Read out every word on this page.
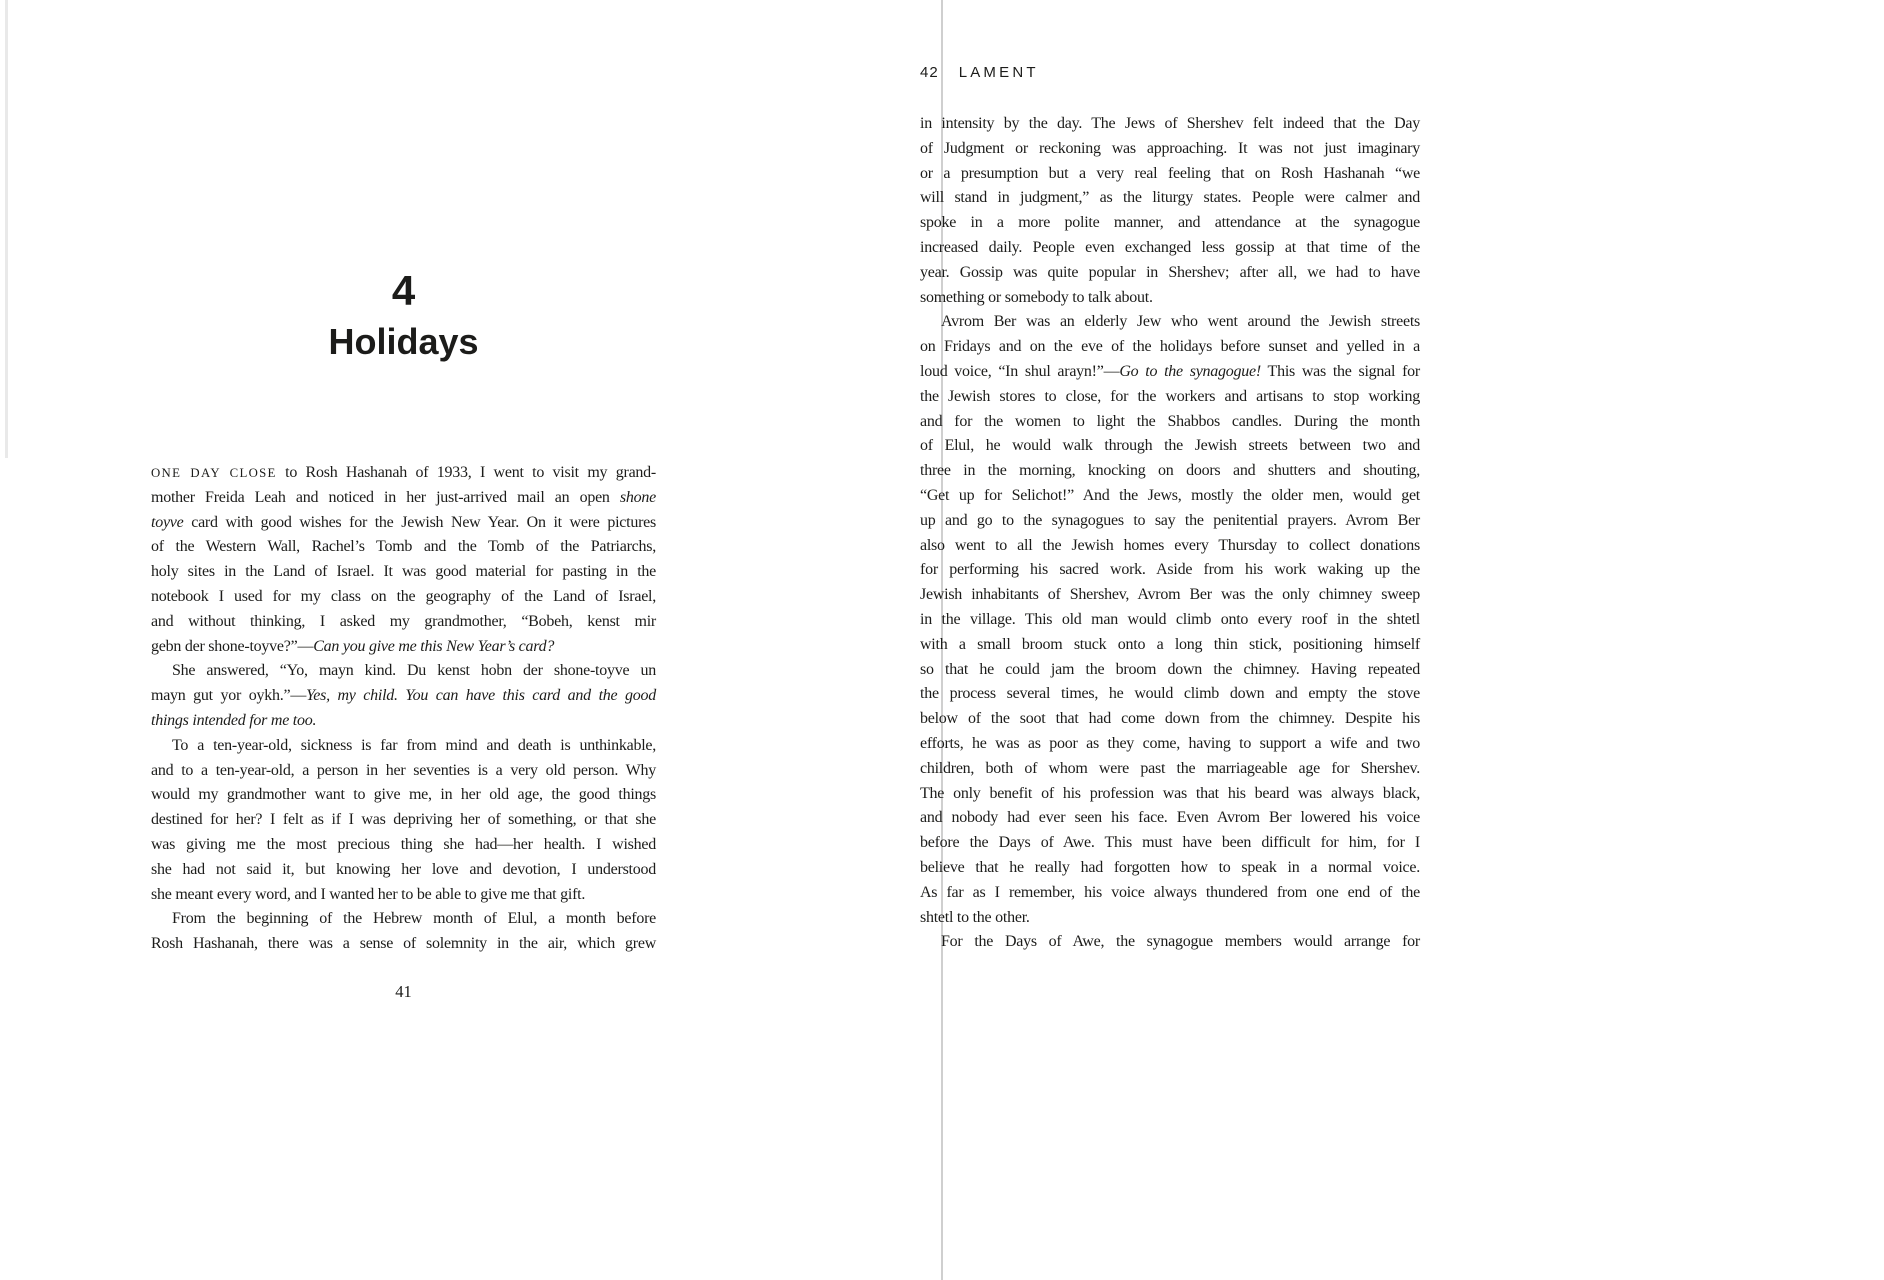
4
Holidays
ONE DAY CLOSE to Rosh Hashanah of 1933, I went to visit my grand-
mother Freida Leah and noticed in her just-arrived mail an open shone
toyve card with good wishes for the Jewish New Year. On it were pictures
of the Western Wall, Rachel’s Tomb and the Tomb of the Patriarchs,
holy sites in the Land of Israel. It was good material for pasting in the
notebook I used for my class on the geography of the Land of Israel,
and without thinking, I asked my grandmother, “Bobeh, kenst mir
gebn der shone-toyve?”—Can you give me this New Year’s card?
She answered, “Yo, mayn kind. Du kenst hobn der shone-toyve un
mayn gut yor oykh.”—Yes, my child. You can have this card and the good
things intended for me too.
To a ten-year-old, sickness is far from mind and death is unthinkable,
and to a ten-year-old, a person in her seventies is a very old person. Why
would my grandmother want to give me, in her old age, the good things
destined for her? I felt as if I was depriving her of something, or that she
was giving me the most precious thing she had—her health. I wished
she had not said it, but knowing her love and devotion, I understood
she meant every word, and I wanted her to be able to give me that gift.
From the beginning of the Hebrew month of Elul, a month before
Rosh Hashanah, there was a sense of solemnity in the air, which grew
41
42 LAMENT
in intensity by the day. The Jews of Shershev felt indeed that the Day
of Judgment or reckoning was approaching. It was not just imaginary
or a presumption but a very real feeling that on Rosh Hashanah “we
will stand in judgment,” as the liturgy states. People were calmer and
spoke in a more polite manner, and attendance at the synagogue
increased daily. People even exchanged less gossip at that time of the
year. Gossip was quite popular in Shershev; after all, we had to have
something or somebody to talk about.
Avrom Ber was an elderly Jew who went around the Jewish streets
on Fridays and on the eve of the holidays before sunset and yelled in a
loud voice, “In shul arayn!”—Go to the synagogue! This was the signal for
the Jewish stores to close, for the workers and artisans to stop working
and for the women to light the Shabbos candles. During the month
of Elul, he would walk through the Jewish streets between two and
three in the morning, knocking on doors and shutters and shouting,
“Get up for Selichot!” And the Jews, mostly the older men, would get
up and go to the synagogues to say the penitential prayers. Avrom Ber
also went to all the Jewish homes every Thursday to collect donations
for performing his sacred work. Aside from his work waking up the
Jewish inhabitants of Shershev, Avrom Ber was the only chimney sweep
in the village. This old man would climb onto every roof in the shtetl
with a small broom stuck onto a long thin stick, positioning himself
so that he could jam the broom down the chimney. Having repeated
the process several times, he would climb down and empty the stove
below of the soot that had come down from the chimney. Despite his
efforts, he was as poor as they come, having to support a wife and two
children, both of whom were past the marriageable age for Shershev.
The only benefit of his profession was that his beard was always black,
and nobody had ever seen his face. Even Avrom Ber lowered his voice
before the Days of Awe. This must have been difficult for him, for I
believe that he really had forgotten how to speak in a normal voice.
As far as I remember, his voice always thundered from one end of the
shtetl to the other.
For the Days of Awe, the synagogue members would arrange for
